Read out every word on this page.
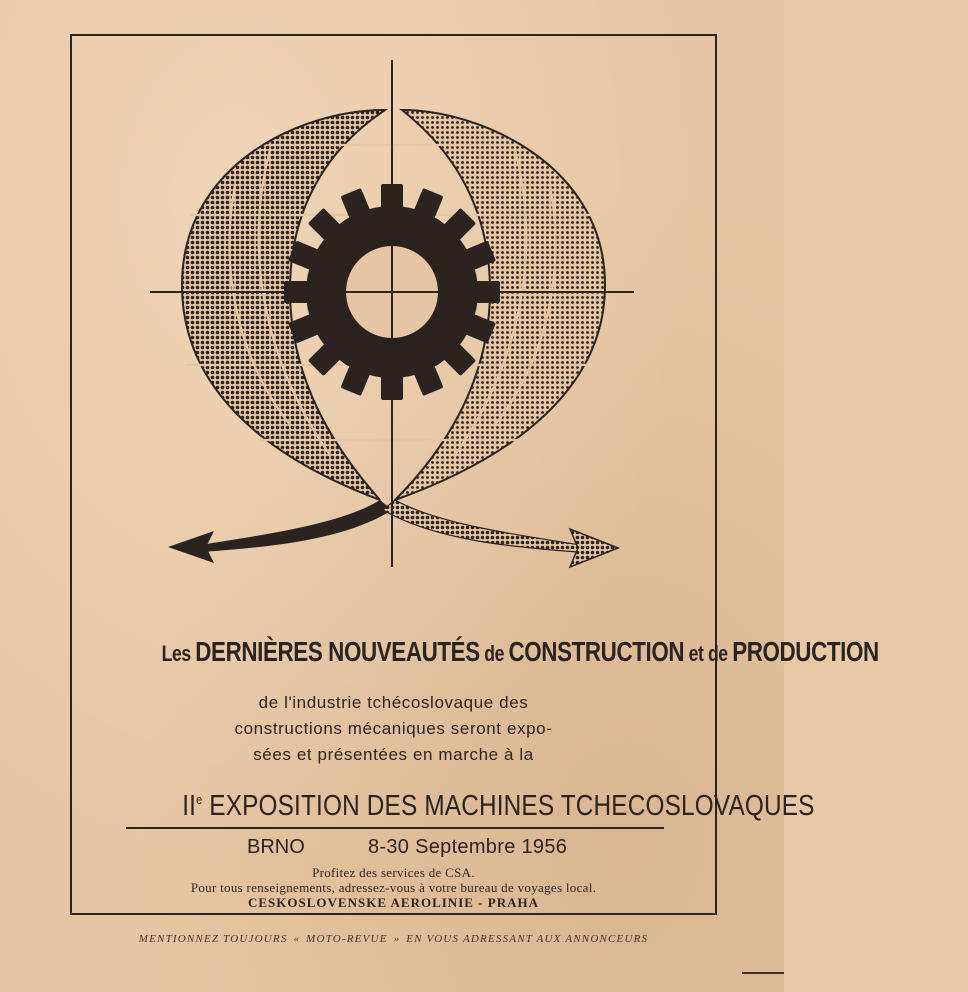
Les DERNIÈRES NOUVEAUTÉS de CONSTRUCTION et de PRODUCTION
de l'industrie tchécoslovaque des
constructions mécaniques seront expo-
sées et présentées en marche à la
IIe EXPOSITION DES MACHINES TCHECOSLOVAQUES
BRNO	8-30 Septembre 1956
Profitez des services de CSA.
Pour tous renseignements, adressez-vous à votre bureau de voyages local.
CESKOSLOVENSKE AEROLINIE - PRAHA
MENTIONNEZ TOUJOURS « MOTO-REVUE » EN VOUS ADRESSANT AUX ANNONCEURS
